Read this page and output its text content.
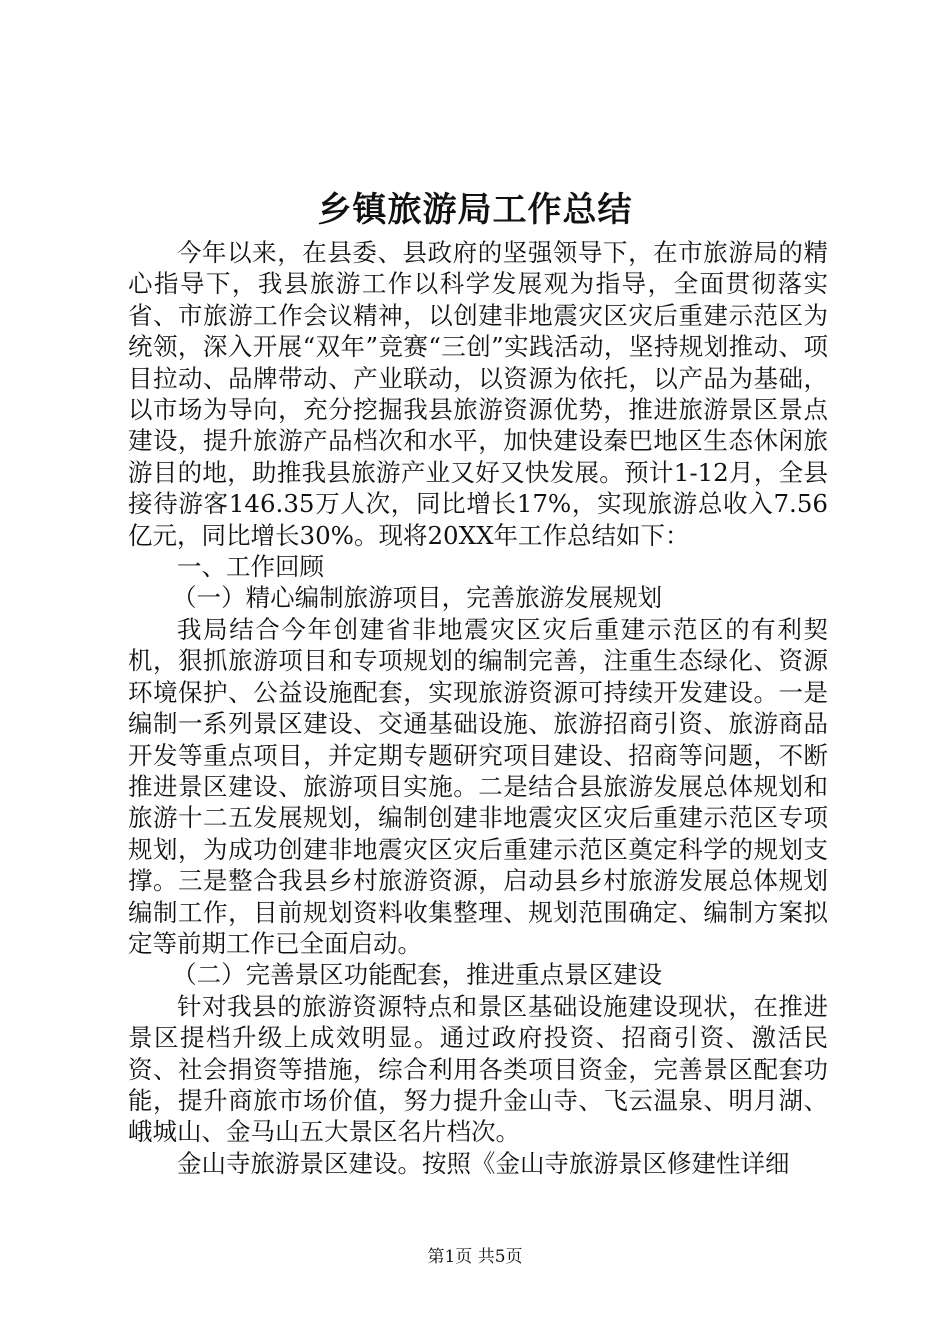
乡镇旅游局工作总结

今年以来，在县委、县政府的坚强领导下，在市旅游局的精心指导下，我县旅游工作以科学发展观为指导，全面贯彻落实省、市旅游工作会议精神，以创建非地震灾区灾后重建示范区为统领，深入开展“双年”竞赛“三创”实践活动，坚持规划推动、项目拉动、品牌带动、产业联动，以资源为依托，以产品为基础，以市场为导向，充分挖掘我县旅游资源优势，推进旅游景区景点建设，提升旅游产品档次和水平，加快建设秦巴地区生态休闲旅游目的地，助推我县旅游产业又好又快发展。预计1-12月，全县接待游客146.35万人次，同比增长17%，实现旅游总收入7.56亿元，同比增长30%。现将20XX年工作总结如下：

一、工作回顾

（一）精心编制旅游项目，完善旅游发展规划

我局结合今年创建省非地震灾区灾后重建示范区的有利契机，狠抓旅游项目和专项规划的编制完善，注重生态绿化、资源环境保护、公益设施配套，实现旅游资源可持续开发建设。一是编制一系列景区建设、交通基础设施、旅游招商引资、旅游商品开发等重点项目，并定期专题研究项目建设、招商等问题，不断推进景区建设、旅游项目实施。二是结合县旅游发展总体规划和旅游十二五发展规划，编制创建非地震灾区灾后重建示范区专项规划，为成功创建非地震灾区灾后重建示范区奠定科学的规划支撑。三是整合我县乡村旅游资源，启动县乡村旅游发展总体规划编制工作，目前规划资料收集整理、规划范围确定、编制方案拟定等前期工作已全面启动。

（二）完善景区功能配套，推进重点景区建设

针对我县的旅游资源特点和景区基础设施建设现状，在推进景区提档升级上成效明显。通过政府投资、招商引资、激活民资、社会捐资等措施，综合利用各类项目资金，完善景区配套功能，提升商旅市场价值，努力提升金山寺、飞云温泉、明月湖、峨城山、金马山五大景区名片档次。

金山寺旅游景区建设。按照《金山寺旅游景区修建性详细

第1页 共5页
